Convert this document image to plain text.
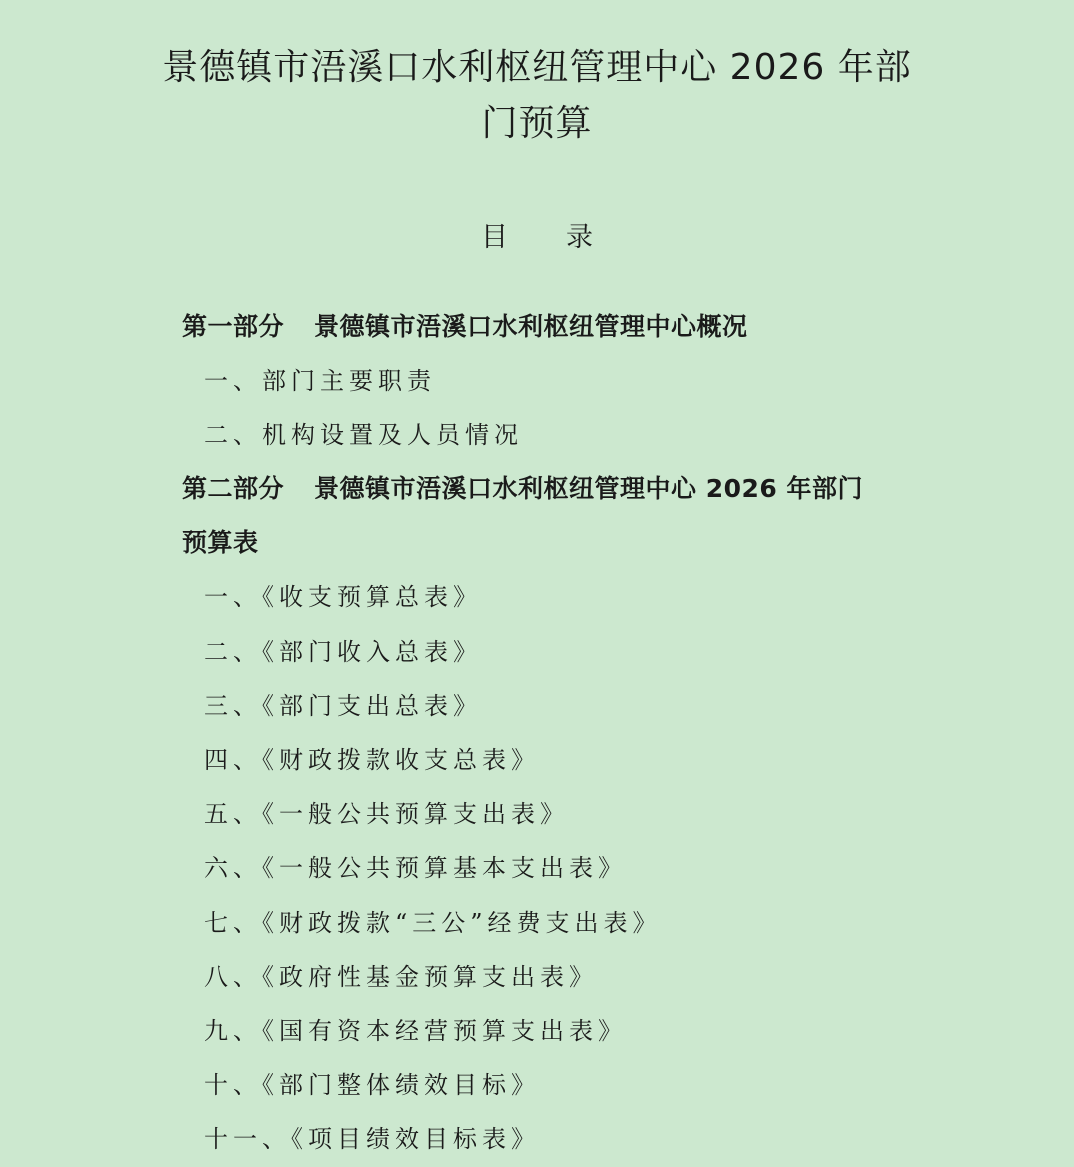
景德镇市浯溪口水利枢纽管理中心 2026 年部
门预算
目 录
第一部分 景德镇市浯溪口水利枢纽管理中心概况
一、部门主要职责
二、机构设置及人员情况
第二部分 景德镇市浯溪口水利枢纽管理中心 2026 年部门
预算表
一、《收支预算总表》
二、《部门收入总表》
三、《部门支出总表》
四、《财政拨款收支总表》
五、《一般公共预算支出表》
六、《一般公共预算基本支出表》
七、《财政拨款“三公”经费支出表》
八、《政府性基金预算支出表》
九、《国有资本经营预算支出表》
十、《部门整体绩效目标》
十一、《项目绩效目标表》
